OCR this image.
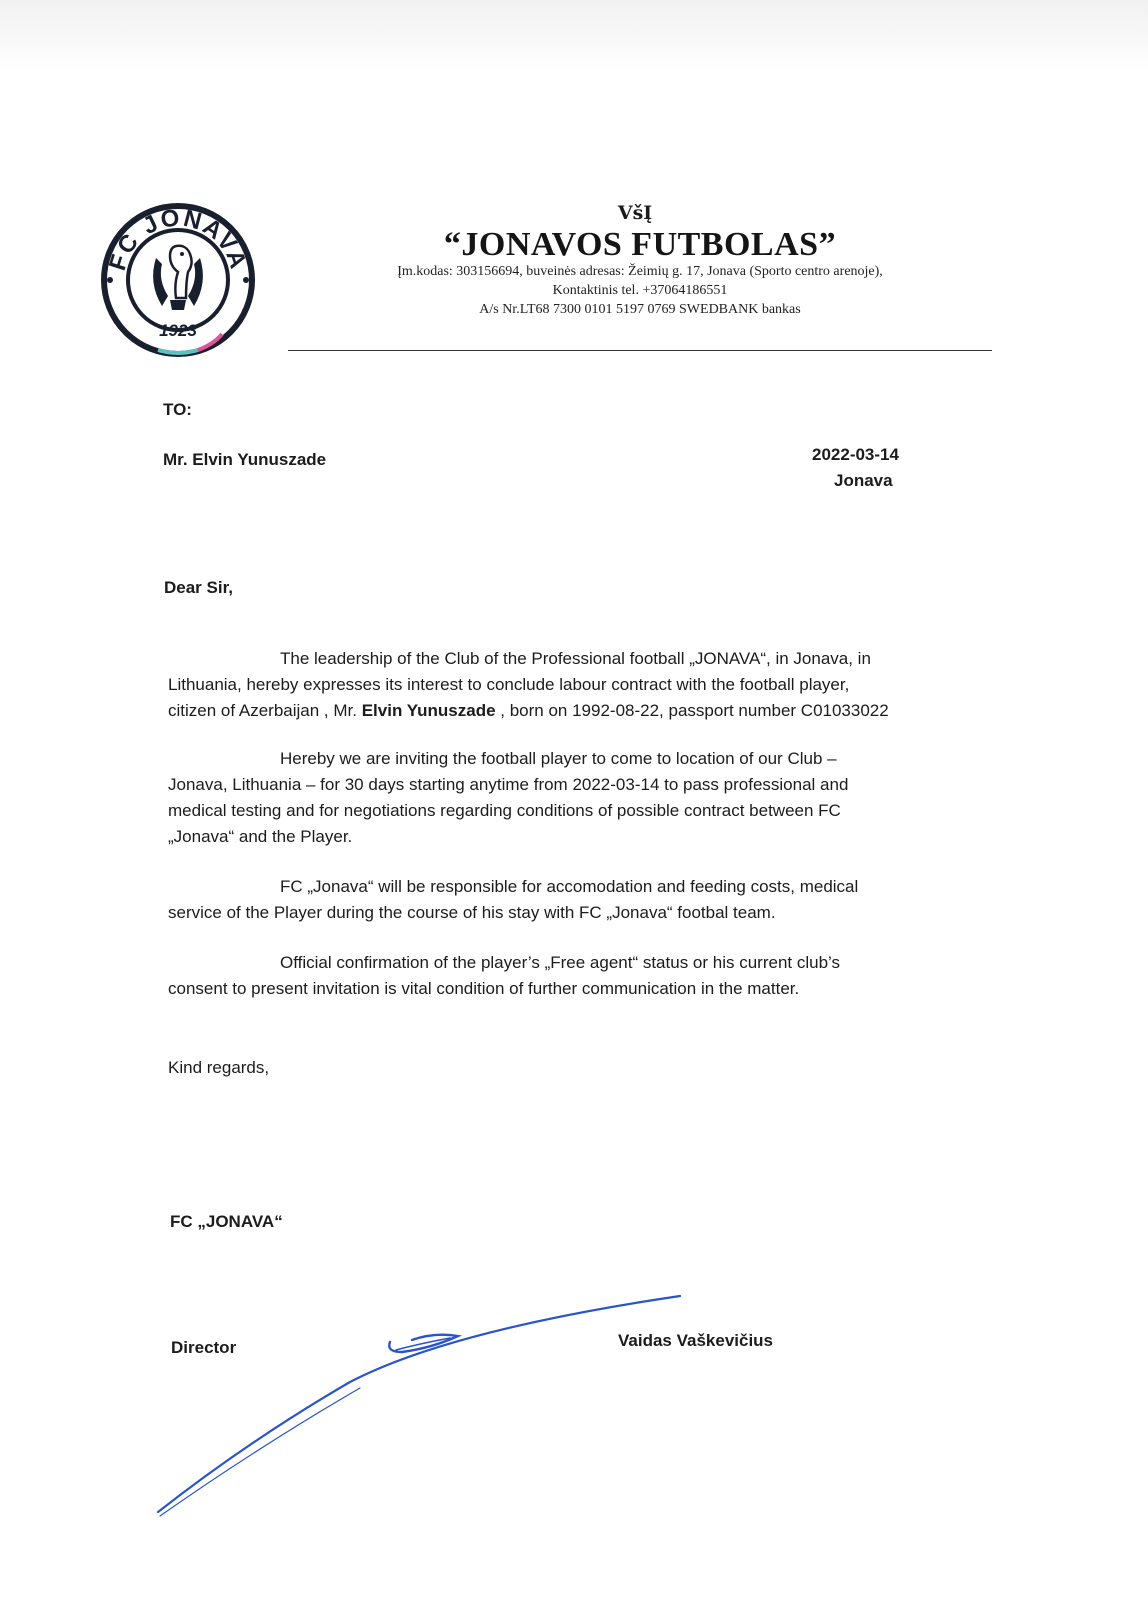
FC JONAVA
1923
VšĮ
“JONAVOS FUTBOLAS”
Įm.kodas: 303156694, buveinės adresas: Žeimių g. 17, Jonava (Sporto centro arenoje),
Kontaktinis tel. +37064186551
A/s Nr.LT68 7300 0101 5197 0769 SWEDBANK bankas
TO:
Mr. Elvin Yunuszade	2022-03-14
Jonava
Dear Sir,
The leadership of the Club of the Professional football „JONAVA“, in Jonava, in
Lithuania, hereby expresses its interest to conclude labour contract with the football player,
citizen of Azerbaijan , Mr. Elvin Yunuszade , born on 1992-08-22, passport number C01033022
Hereby we are inviting the football player to come to location of our Club –
Jonava, Lithuania – for 30 days starting anytime from 2022-03-14 to pass professional and
medical testing and for negotiations regarding conditions of possible contract between FC
„Jonava“ and the Player.
FC „Jonava“ will be responsible for accomodation and feeding costs, medical
service of the Player during the course of his stay with FC „Jonava“ footbal team.
Official confirmation of the player’s „Free agent“ status or his current club’s
consent to present invitation is vital condition of further communication in the matter.
Kind regards,
FC „JONAVA“
Director	Vaidas Vaškevičius
